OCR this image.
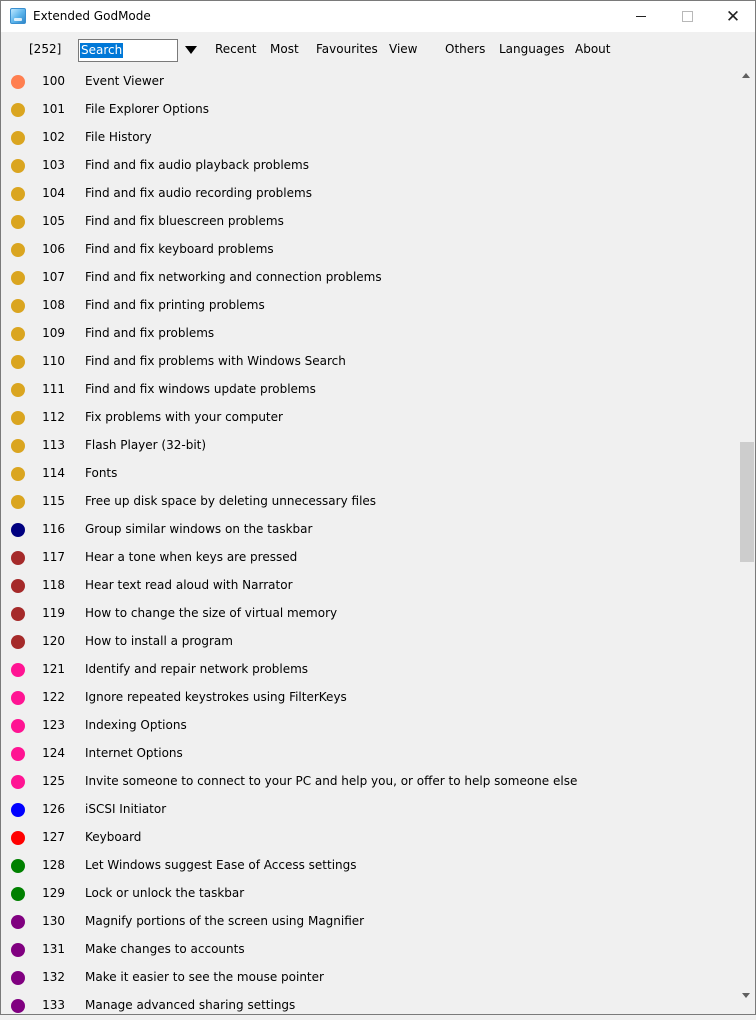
Extended GodMode	✕
[252]
Search Search	Recent Most Favourites View Others Languages About
100 Event Viewer
101 File Explorer Options
102 File History
103 Find and fix audio playback problems
104 Find and fix audio recording problems
105 Find and fix bluescreen problems
106 Find and fix keyboard problems
107 Find and fix networking and connection problems
108 Find and fix printing problems
109 Find and fix problems
110 Find and fix problems with Windows Search
111 Find and fix windows update problems
112 Fix problems with your computer
113 Flash Player (32-bit)
114 Fonts
115 Free up disk space by deleting unnecessary files
116 Group similar windows on the taskbar
117 Hear a tone when keys are pressed
118 Hear text read aloud with Narrator
119 How to change the size of virtual memory
120 How to install a program
121 Identify and repair network problems
122 Ignore repeated keystrokes using FilterKeys
123 Indexing Options
124 Internet Options
125 Invite someone to connect to your PC and help you, or offer to help someone else
126 iSCSI Initiator
127 Keyboard
128 Let Windows suggest Ease of Access settings
129 Lock or unlock the taskbar
130 Magnify portions of the screen using Magnifier
131 Make changes to accounts
132 Make it easier to see the mouse pointer
133 Manage advanced sharing settings
